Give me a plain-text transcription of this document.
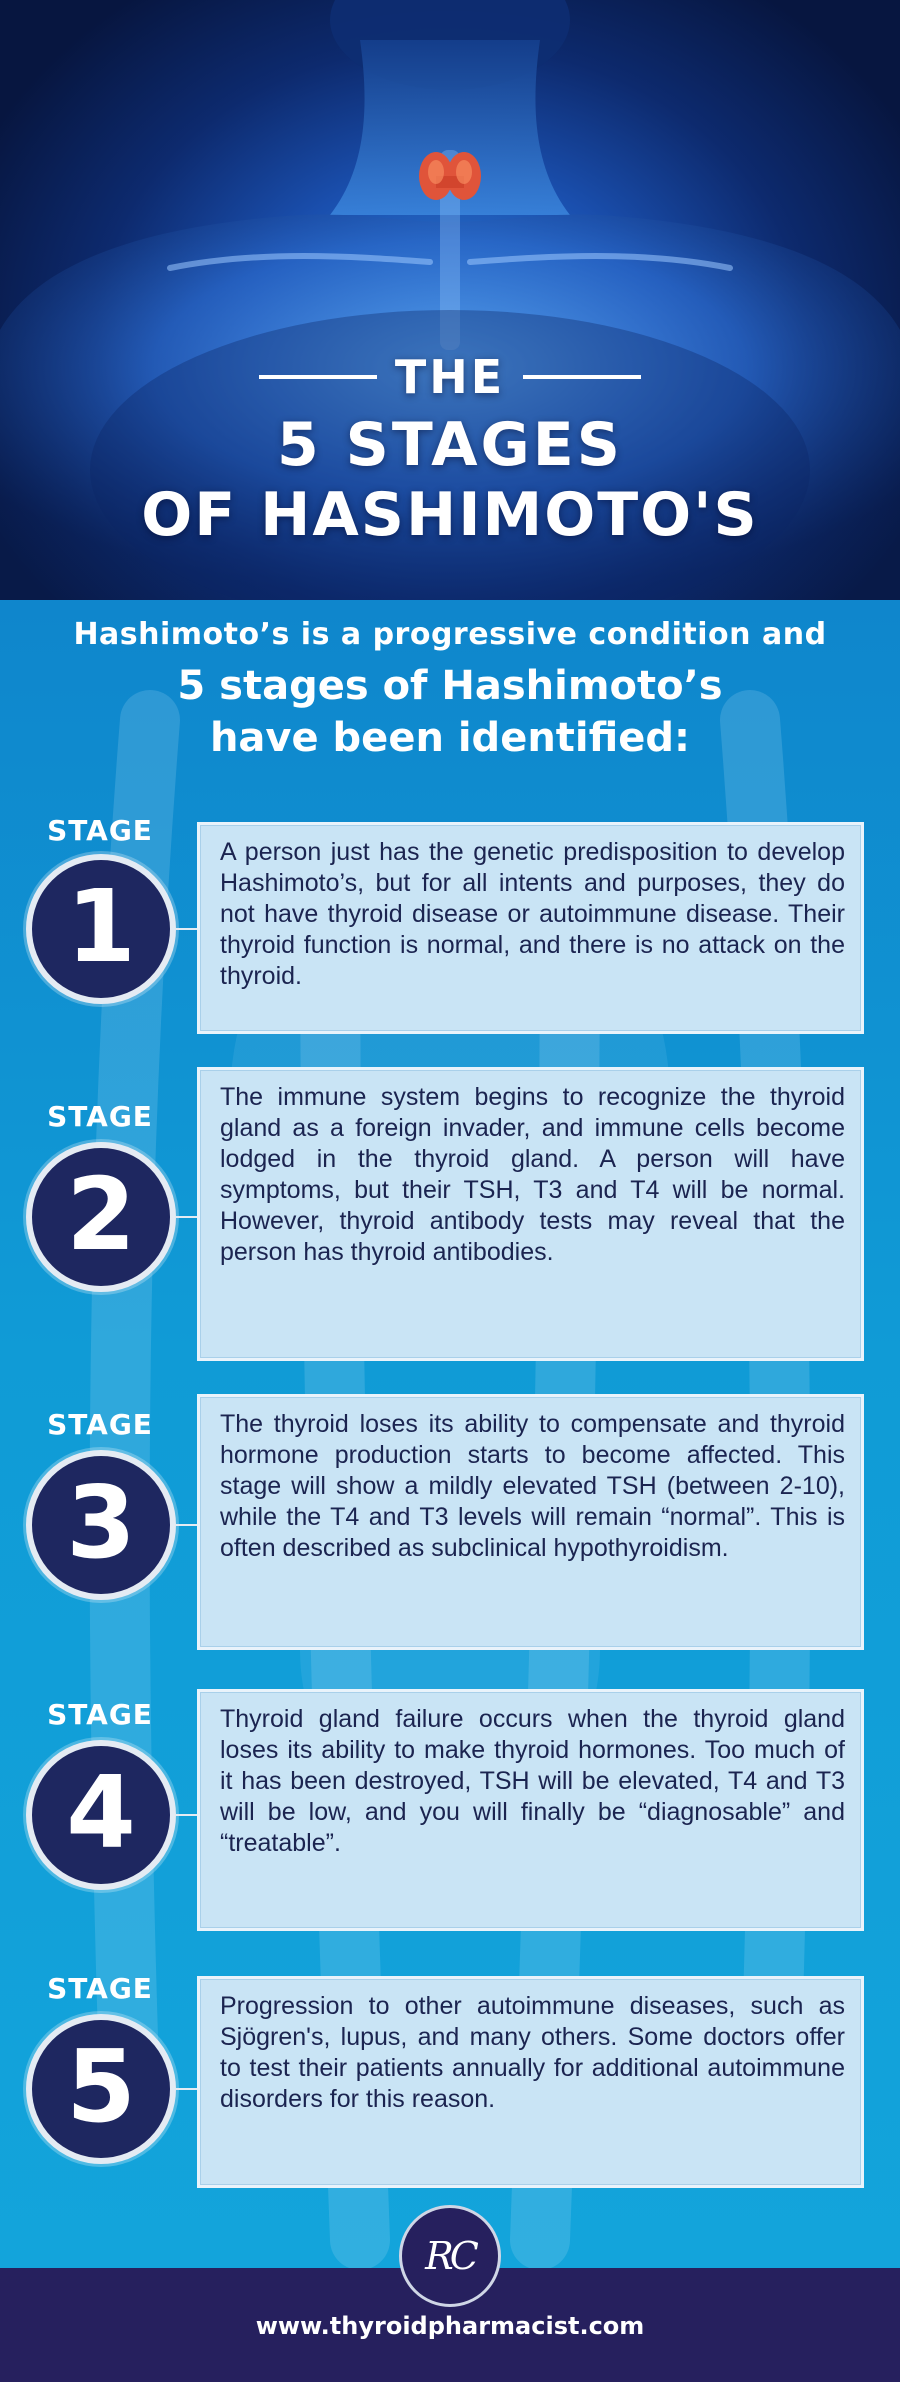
THE
5 STAGES
OF HASHIMOTO'S
Hashimoto’s is a progressive condition and
5 stages of Hashimoto’s
have been identified:
STAGE
1
A person just has the genetic predisposition to develop Hashimoto’s, but for all intents and purposes, they do not have thyroid disease or autoimmune disease. Their thyroid function is normal, and there is no attack on the thyroid.
STAGE
2
The immune system begins to recognize the thyroid gland as a foreign invader, and immune cells become lodged in the thyroid gland. A person will have symptoms, but their TSH, T3 and T4 will be normal. However, thyroid antibody tests may reveal that the person has thyroid antibodies.
STAGE
3
The thyroid loses its ability to compensate and thyroid hormone production starts to become affected. This stage will show a mildly elevated TSH (between 2-10), while the T4 and T3 levels will remain “normal”. This is often described as subclinical hypothyroidism.
STAGE
4
Thyroid gland failure occurs when the thyroid gland loses its ability to make thyroid hormones. Too much of it has been destroyed, TSH will be elevated, T4 and T3 will be low, and you will finally be “diagnosable” and “treatable”.
STAGE
5
Progression to other autoimmune diseases, such as Sjögren's, lupus, and many others. Some doctors offer to test their patients annually for additional autoimmune disorders for this reason.
RC
www.thyroidpharmacist.com
